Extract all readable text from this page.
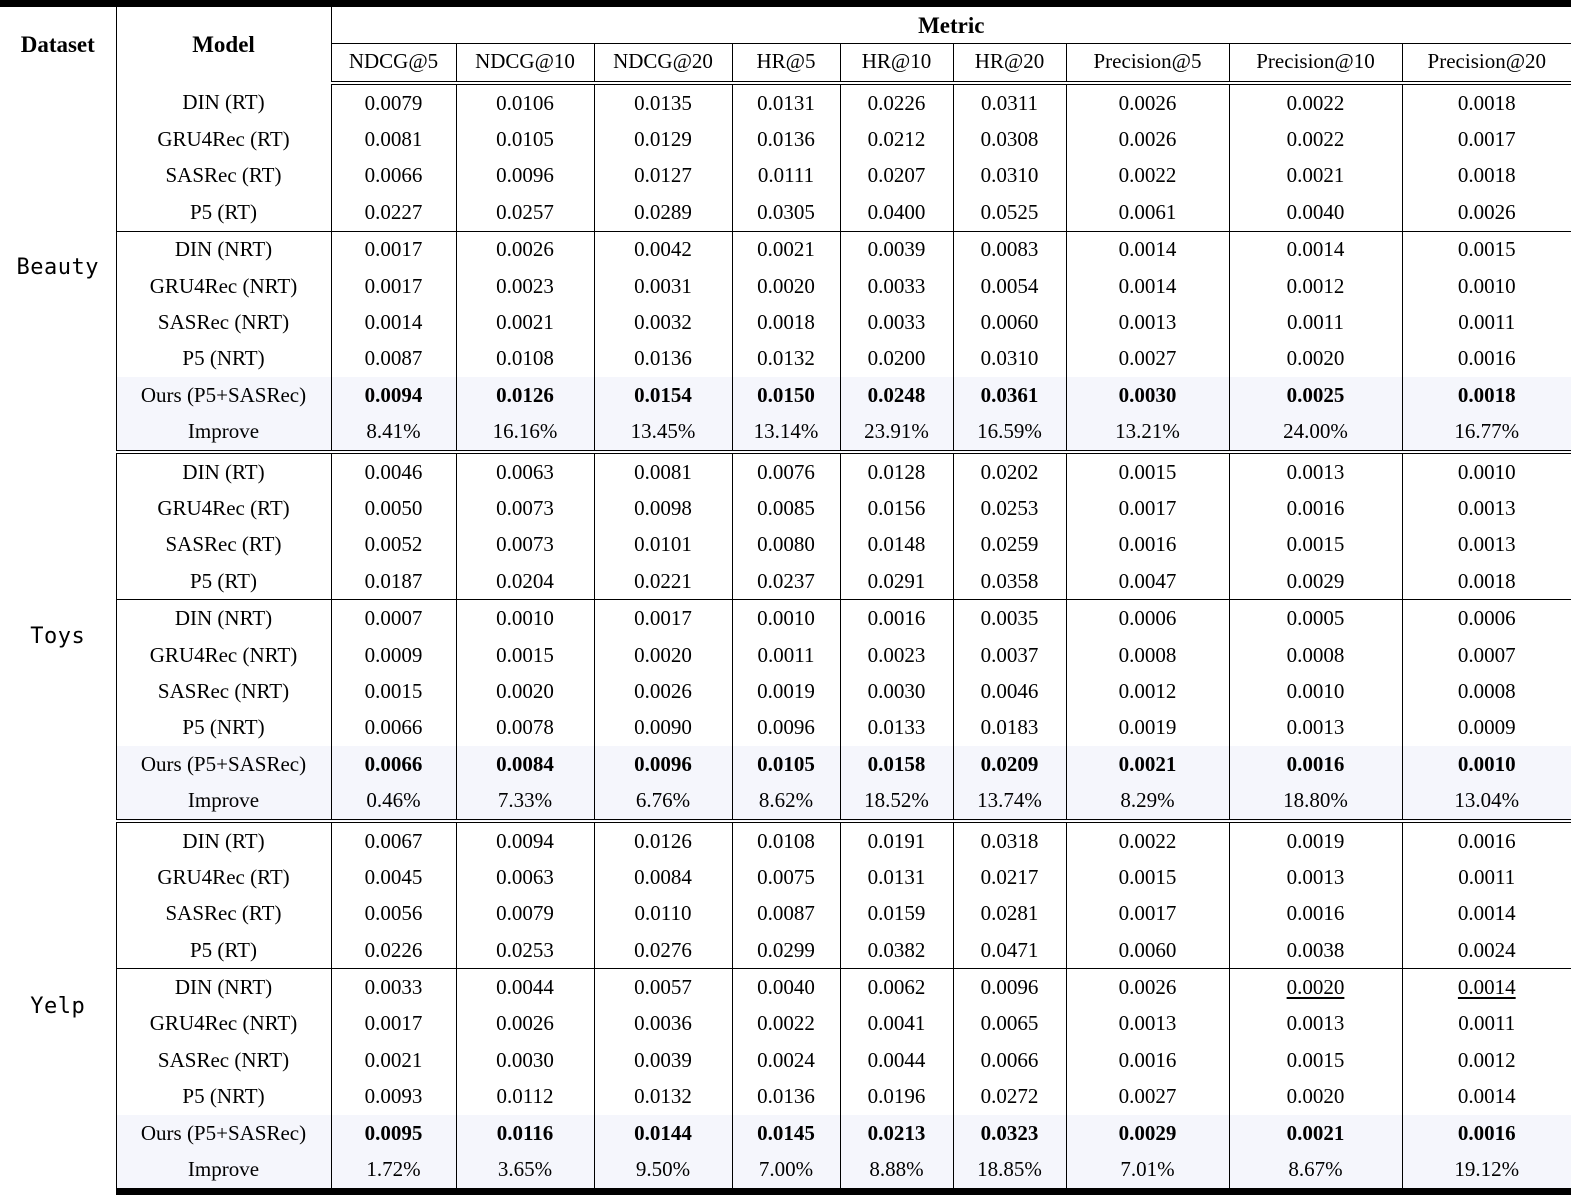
Dataset	Model	Metric								
		NDCG@5	NDCG@10	NDCG@20	HR@5	HR@10	HR@20	Precision@5	Precision@10	Precision@20
Beauty	DIN (RT)	0.0079	0.0106	0.0135	0.0131	0.0226	0.0311	0.0026	0.0022	0.0018
	GRU4Rec (RT)	0.0081	0.0105	0.0129	0.0136	0.0212	0.0308	0.0026	0.0022	0.0017
	SASRec (RT)	0.0066	0.0096	0.0127	0.0111	0.0207	0.0310	0.0022	0.0021	0.0018
	P5 (RT)	0.0227	0.0257	0.0289	0.0305	0.0400	0.0525	0.0061	0.0040	0.0026
	DIN (NRT)	0.0017	0.0026	0.0042	0.0021	0.0039	0.0083	0.0014	0.0014	0.0015
	GRU4Rec (NRT)	0.0017	0.0023	0.0031	0.0020	0.0033	0.0054	0.0014	0.0012	0.0010
	SASRec (NRT)	0.0014	0.0021	0.0032	0.0018	0.0033	0.0060	0.0013	0.0011	0.0011
	P5 (NRT)	0.0087	0.0108	0.0136	0.0132	0.0200	0.0310	0.0027	0.0020	0.0016
	Ours (P5+SASRec)	0.0094	0.0126	0.0154	0.0150	0.0248	0.0361	0.0030	0.0025	0.0018
	Improve	8.41%	16.16%	13.45%	13.14%	23.91%	16.59%	13.21%	24.00%	16.77%
Toys	DIN (RT)	0.0046	0.0063	0.0081	0.0076	0.0128	0.0202	0.0015	0.0013	0.0010
	GRU4Rec (RT)	0.0050	0.0073	0.0098	0.0085	0.0156	0.0253	0.0017	0.0016	0.0013
	SASRec (RT)	0.0052	0.0073	0.0101	0.0080	0.0148	0.0259	0.0016	0.0015	0.0013
	P5 (RT)	0.0187	0.0204	0.0221	0.0237	0.0291	0.0358	0.0047	0.0029	0.0018
	DIN (NRT)	0.0007	0.0010	0.0017	0.0010	0.0016	0.0035	0.0006	0.0005	0.0006
	GRU4Rec (NRT)	0.0009	0.0015	0.0020	0.0011	0.0023	0.0037	0.0008	0.0008	0.0007
	SASRec (NRT)	0.0015	0.0020	0.0026	0.0019	0.0030	0.0046	0.0012	0.0010	0.0008
	P5 (NRT)	0.0066	0.0078	0.0090	0.0096	0.0133	0.0183	0.0019	0.0013	0.0009
	Ours (P5+SASRec)	0.0066	0.0084	0.0096	0.0105	0.0158	0.0209	0.0021	0.0016	0.0010
	Improve	0.46%	7.33%	6.76%	8.62%	18.52%	13.74%	8.29%	18.80%	13.04%
Yelp	DIN (RT)	0.0067	0.0094	0.0126	0.0108	0.0191	0.0318	0.0022	0.0019	0.0016
	GRU4Rec (RT)	0.0045	0.0063	0.0084	0.0075	0.0131	0.0217	0.0015	0.0013	0.0011
	SASRec (RT)	0.0056	0.0079	0.0110	0.0087	0.0159	0.0281	0.0017	0.0016	0.0014
	P5 (RT)	0.0226	0.0253	0.0276	0.0299	0.0382	0.0471	0.0060	0.0038	0.0024
	DIN (NRT)	0.0033	0.0044	0.0057	0.0040	0.0062	0.0096	0.0026	0.0020	0.0014
	GRU4Rec (NRT)	0.0017	0.0026	0.0036	0.0022	0.0041	0.0065	0.0013	0.0013	0.0011
	SASRec (NRT)	0.0021	0.0030	0.0039	0.0024	0.0044	0.0066	0.0016	0.0015	0.0012
	P5 (NRT)	0.0093	0.0112	0.0132	0.0136	0.0196	0.0272	0.0027	0.0020	0.0014
	Ours (P5+SASRec)	0.0095	0.0116	0.0144	0.0145	0.0213	0.0323	0.0029	0.0021	0.0016
	Improve	1.72%	3.65%	9.50%	7.00%	8.88%	18.85%	7.01%	8.67%	19.12%
